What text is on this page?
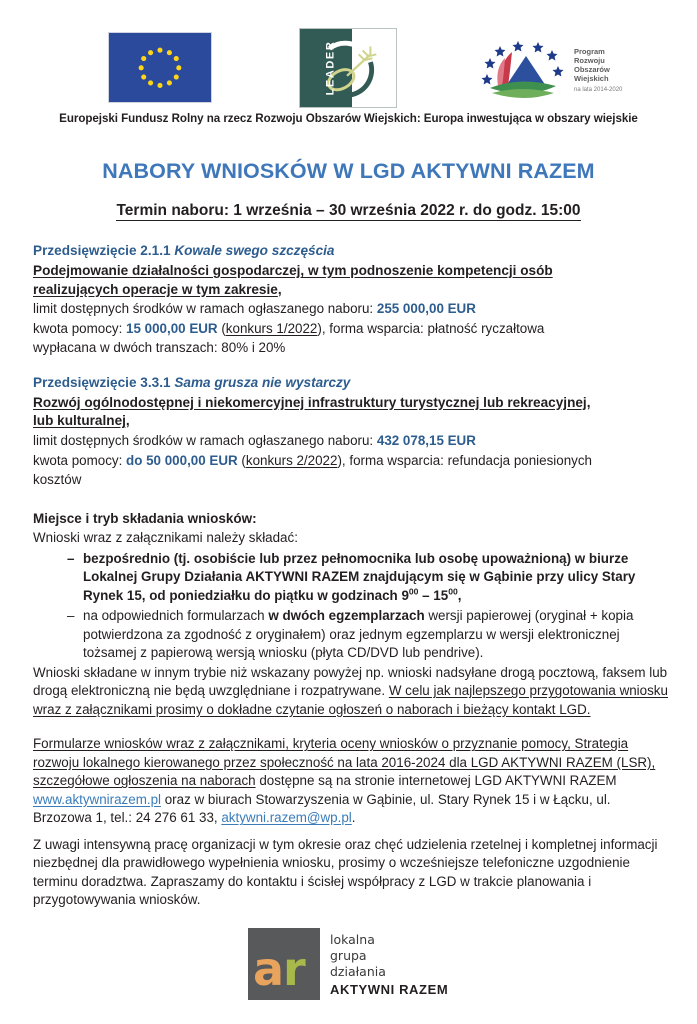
LEADER	Program
Rozwoju
Obszarów
Wiejskich
na lata 2014-2020
Europejski Fundusz Rolny na rzecz Rozwoju Obszarów Wiejskich: Europa inwestująca w obszary wiejskie
NABORY WNIOSKÓW W LGD AKTYWNI RAZEM
Termin naboru: 1 września – 30 września 2022 r. do godz. 15:00
Przedsięwzięcie 2.1.1 Kowale swego szczęścia
Podejmowanie działalności gospodarczej, w tym podnoszenie kompetencji osób
realizujących operacje w tym zakresie,
limit dostępnych środków w ramach ogłaszanego naboru: 255 000,00 EUR
kwota pomocy: 15 000,00 EUR (konkurs 1/2022), forma wsparcia: płatność ryczałtowa
wypłacana w dwóch transzach: 80% i 20%
Przedsięwzięcie 3.3.1 Sama grusza nie wystarczy
Rozwój ogólnodostępnej i niekomercyjnej infrastruktury turystycznej lub rekreacyjnej,
lub kulturalnej,
limit dostępnych środków w ramach ogłaszanego naboru: 432 078,15 EUR
kwota pomocy: do 50 000,00 EUR (konkurs 2/2022), forma wsparcia: refundacja poniesionych
kosztów
Miejsce i tryb składania wniosków:
Wnioski wraz z załącznikami należy składać:
– bezpośrednio (tj. osobiście lub przez pełnomocnika lub osobę upoważnioną) w biurze Lokalnej Grupy Działania AKTYWNI RAZEM znajdującym się w Gąbinie przy ulicy Stary Rynek 15, od poniedziałku do piątku w godzinach $9^{00} - 15^{00}$,
– na odpowiednich formularzach w dwóch egzemplarzach wersji papierowej (oryginał + kopia potwierdzona za zgodność z oryginałem) oraz jednym egzemplarzu w wersji elektronicznej tożsamej z papierową wersją wniosku (płyta CD/DVD lub pendrive).
Wnioski składane w innym trybie niż wskazany powyżej np. wnioski nadsyłane drogą pocztową, faksem lub drogą elektroniczną nie będą uwzględniane i rozpatrywane. W celu jak najlepszego przygotowania wniosku wraz z załącznikami prosimy o dokładne czytanie ogłoszeń o naborach i bieżący kontakt LGD.
Formularze wniosków wraz z załącznikami, kryteria oceny wniosków o przyznanie pomocy, Strategia rozwoju lokalnego kierowanego przez społeczność na lata 2016-2024 dla LGD AKTYWNI RAZEM (LSR), szczegółowe ogłoszenia na naborach dostępne są na stronie internetowej LGD AKTYWNI RAZEM www.aktywnirazem.pl oraz w biurach Stowarzyszenia w Gąbinie, ul. Stary Rynek 15 i w Łącku, ul. Brzozowa 1, tel.: 24 276 61 33, aktywni.razem@wp.pl.
Z uwagi intensywną pracę organizacji w tym okresie oraz chęć udzielenia rzetelnej i kompletnej informacji niezbędnej dla prawidłowego wypełnienia wniosku, prosimy o wcześniejsze telefoniczne uzgodnienie terminu doradztwa. Zapraszamy do kontaktu i ścisłej współpracy z LGD w trakcie planowania i przygotowywania wniosków.
ar
lokalna
grupa
działania
AKTYWNI RAZEM
